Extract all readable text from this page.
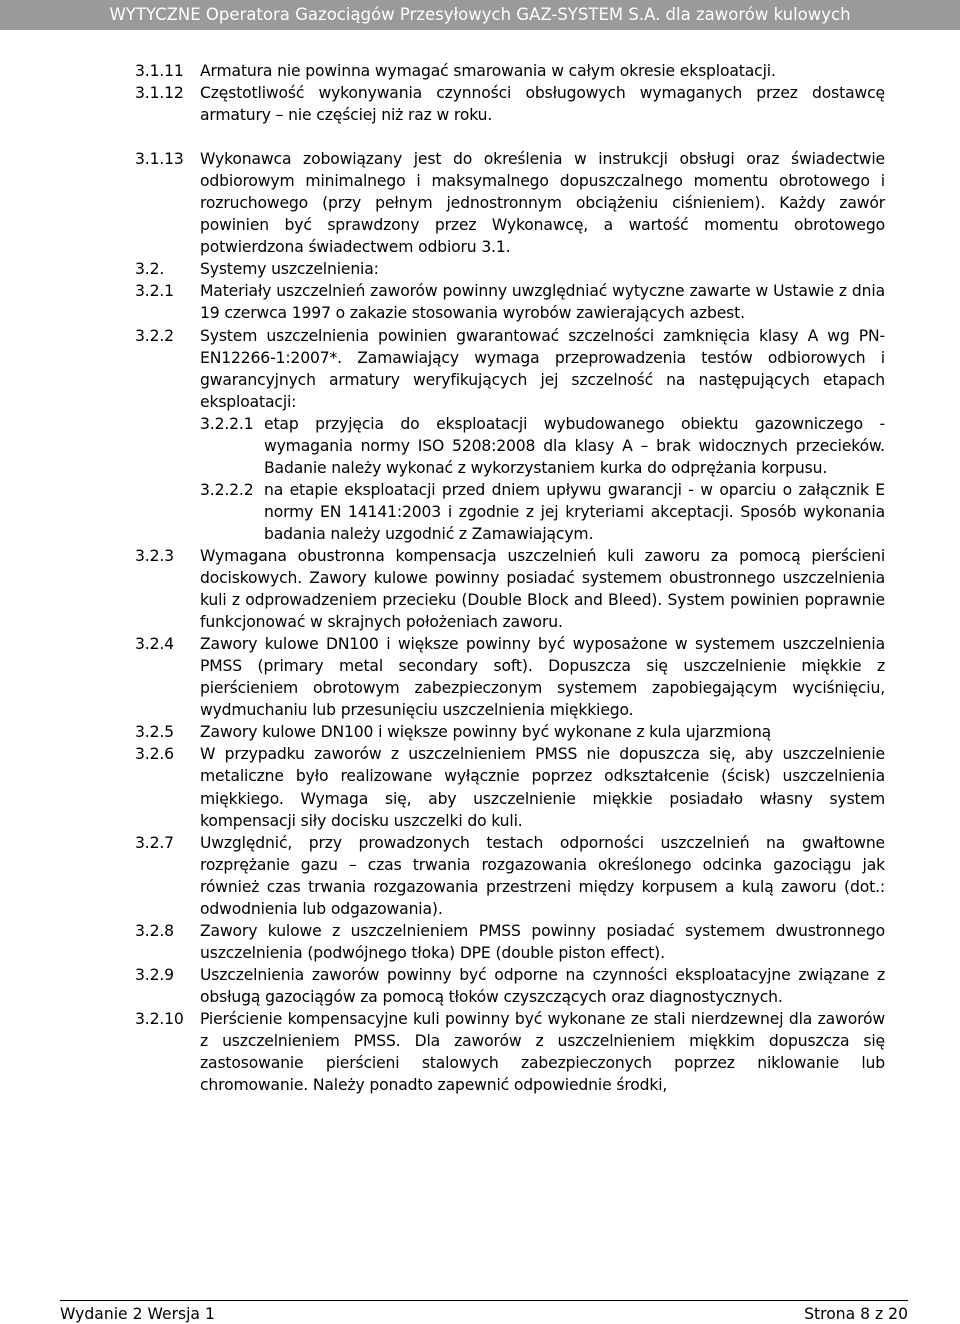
WYTYCZNE Operatora Gazociągów Przesyłowych GAZ-SYSTEM S.A. dla zaworów kulowych
3.1.11	Armatura nie powinna wymagać smarowania w całym okresie eksploatacji.
3.1.12	Częstotliwość wykonywania czynności obsługowych wymaganych przez dostawcę armatury – nie częściej niż raz w roku.
3.1.13	Wykonawca zobowiązany jest do określenia w instrukcji obsługi oraz świadectwie odbiorowym minimalnego i maksymalnego dopuszczalnego momentu obrotowego i rozruchowego (przy pełnym jednostronnym obciążeniu ciśnieniem). Każdy zawór powinien być sprawdzony przez Wykonawcę, a wartość momentu obrotowego potwierdzona świadectwem odbioru 3.1.
3.2.	Systemy uszczelnienia:
3.2.1	Materiały uszczelnień zaworów powinny uwzględniać wytyczne zawarte w Ustawie z dnia 19 czerwca 1997 o zakazie stosowania wyrobów zawierających azbest.
3.2.2	System uszczelnienia powinien gwarantować szczelności zamknięcia klasy A wg PN-EN12266-1:2007*. Zamawiający wymaga przeprowadzenia testów odbiorowych i gwarancyjnych armatury weryfikujących jej szczelność na następujących etapach eksploatacji:
3.2.2.1 etap przyjęcia do eksploatacji wybudowanego obiektu gazowniczego - wymagania normy ISO 5208:2008 dla klasy A – brak widocznych przecieków. Badanie należy wykonać z wykorzystaniem kurka do odprężania korpusu.
3.2.2.2 na etapie eksploatacji przed dniem upływu gwarancji - w oparciu o załącznik E normy EN 14141:2003 i zgodnie z jej kryteriami akceptacji. Sposób wykonania badania należy uzgodnić z Zamawiającym.
3.2.3	Wymagana obustronna kompensacja uszczelnień kuli zaworu za pomocą pierścieni dociskowych. Zawory kulowe powinny posiadać systemem obustronnego uszczelnienia kuli z odprowadzeniem przecieku (Double Block and Bleed). System powinien poprawnie funkcjonować w skrajnych położeniach zaworu.
3.2.4	Zawory kulowe DN100 i większe powinny być wyposażone w systemem uszczelnienia PMSS (primary metal secondary soft). Dopuszcza się uszczelnienie miękkie z pierścieniem obrotowym zabezpieczonym systemem zapobiegającym wyciśnięciu, wydmuchaniu lub przesunięciu uszczelnienia miękkiego.
3.2.5	Zawory kulowe DN100 i większe powinny być wykonane z kula ujarzmioną
3.2.6	W przypadku zaworów z uszczelnieniem PMSS nie dopuszcza się, aby uszczelnienie metaliczne było realizowane wyłącznie poprzez odkształcenie (ścisk) uszczelnienia miękkiego. Wymaga się, aby uszczelnienie miękkie posiadało własny system kompensacji siły docisku uszczelki do kuli.
3.2.7	Uwzględnić, przy prowadzonych testach odporności uszczelnień na gwałtowne rozprężanie gazu – czas trwania rozgazowania określonego odcinka gazociągu jak również czas trwania rozgazowania przestrzeni między korpusem a kulą zaworu (dot.: odwodnienia lub odgazowania).
3.2.8	Zawory kulowe z uszczelnieniem PMSS powinny posiadać systemem dwustronnego uszczelnienia (podwójnego tłoka) DPE (double piston effect).
3.2.9	Uszczelnienia zaworów powinny być odporne na czynności eksploatacyjne związane z obsługą gazociągów za pomocą tłoków czyszczących oraz diagnostycznych.
3.2.10	Pierścienie kompensacyjne kuli powinny być wykonane ze stali nierdzewnej dla zaworów z uszczelnieniem PMSS. Dla zaworów z uszczelnieniem miękkim dopuszcza się zastosowanie pierścieni stalowych zabezpieczonych poprzez niklowanie lub chromowanie. Należy ponadto zapewnić odpowiednie środki,
Wydanie 2 Wersja 1	Strona 8 z 20
